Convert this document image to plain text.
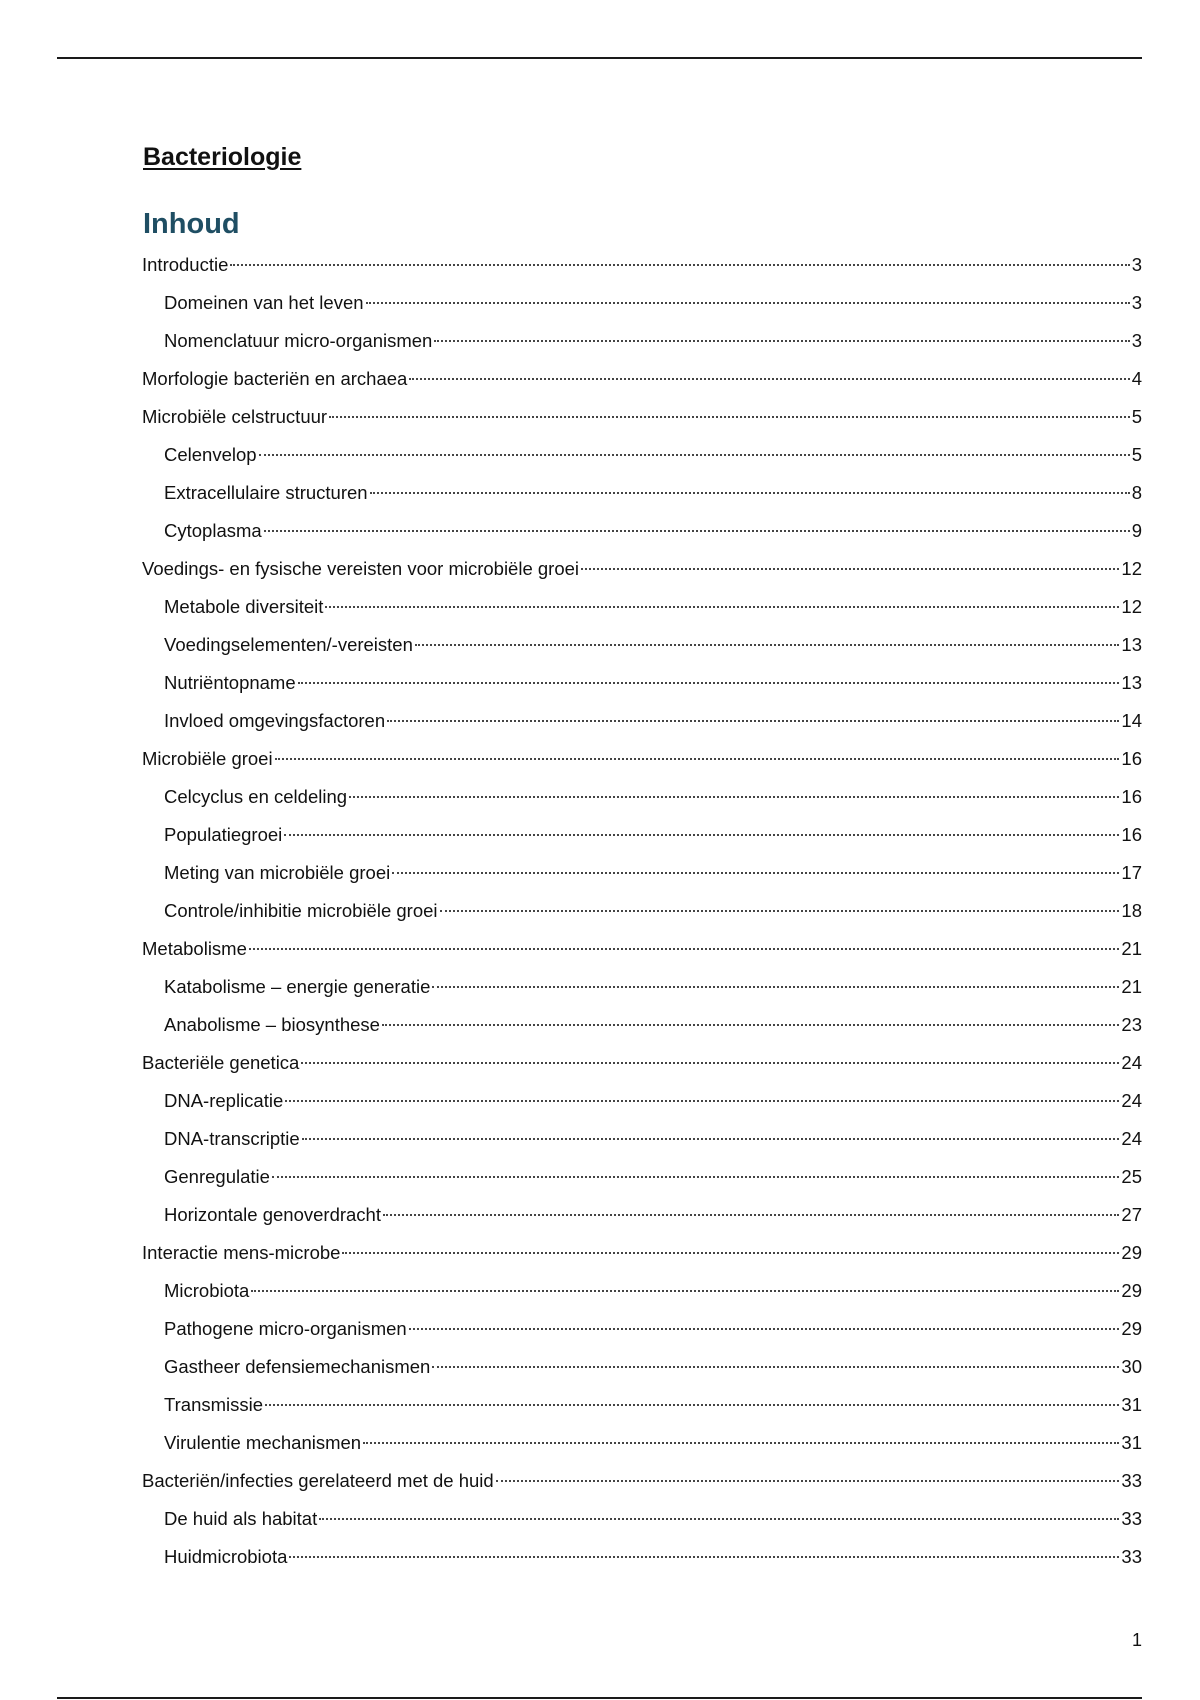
Bacteriologie
Inhoud
Introductie	3
Domeinen van het leven	3
Nomenclatuur micro-organismen	3
Morfologie bacteriën en archaea	4
Microbiële celstructuur	5
Celenvelop	5
Extracellulaire structuren	8
Cytoplasma	9
Voedings- en fysische vereisten voor microbiële groei	12
Metabole diversiteit	12
Voedingselementen/-vereisten	13
Nutriëntopname	13
Invloed omgevingsfactoren	14
Microbiële groei	16
Celcyclus en celdeling	16
Populatiegroei	16
Meting van microbiële groei	17
Controle/inhibitie microbiële groei	18
Metabolisme	21
Katabolisme – energie generatie	21
Anabolisme – biosynthese	23
Bacteriële genetica	24
DNA-replicatie	24
DNA-transcriptie	24
Genregulatie	25
Horizontale genoverdracht	27
Interactie mens-microbe	29
Microbiota	29
Pathogene micro-organismen	29
Gastheer defensiemechanismen	30
Transmissie	31
Virulentie mechanismen	31
Bacteriën/infecties gerelateerd met de huid	33
De huid als habitat	33
Huidmicrobiota	33
1
